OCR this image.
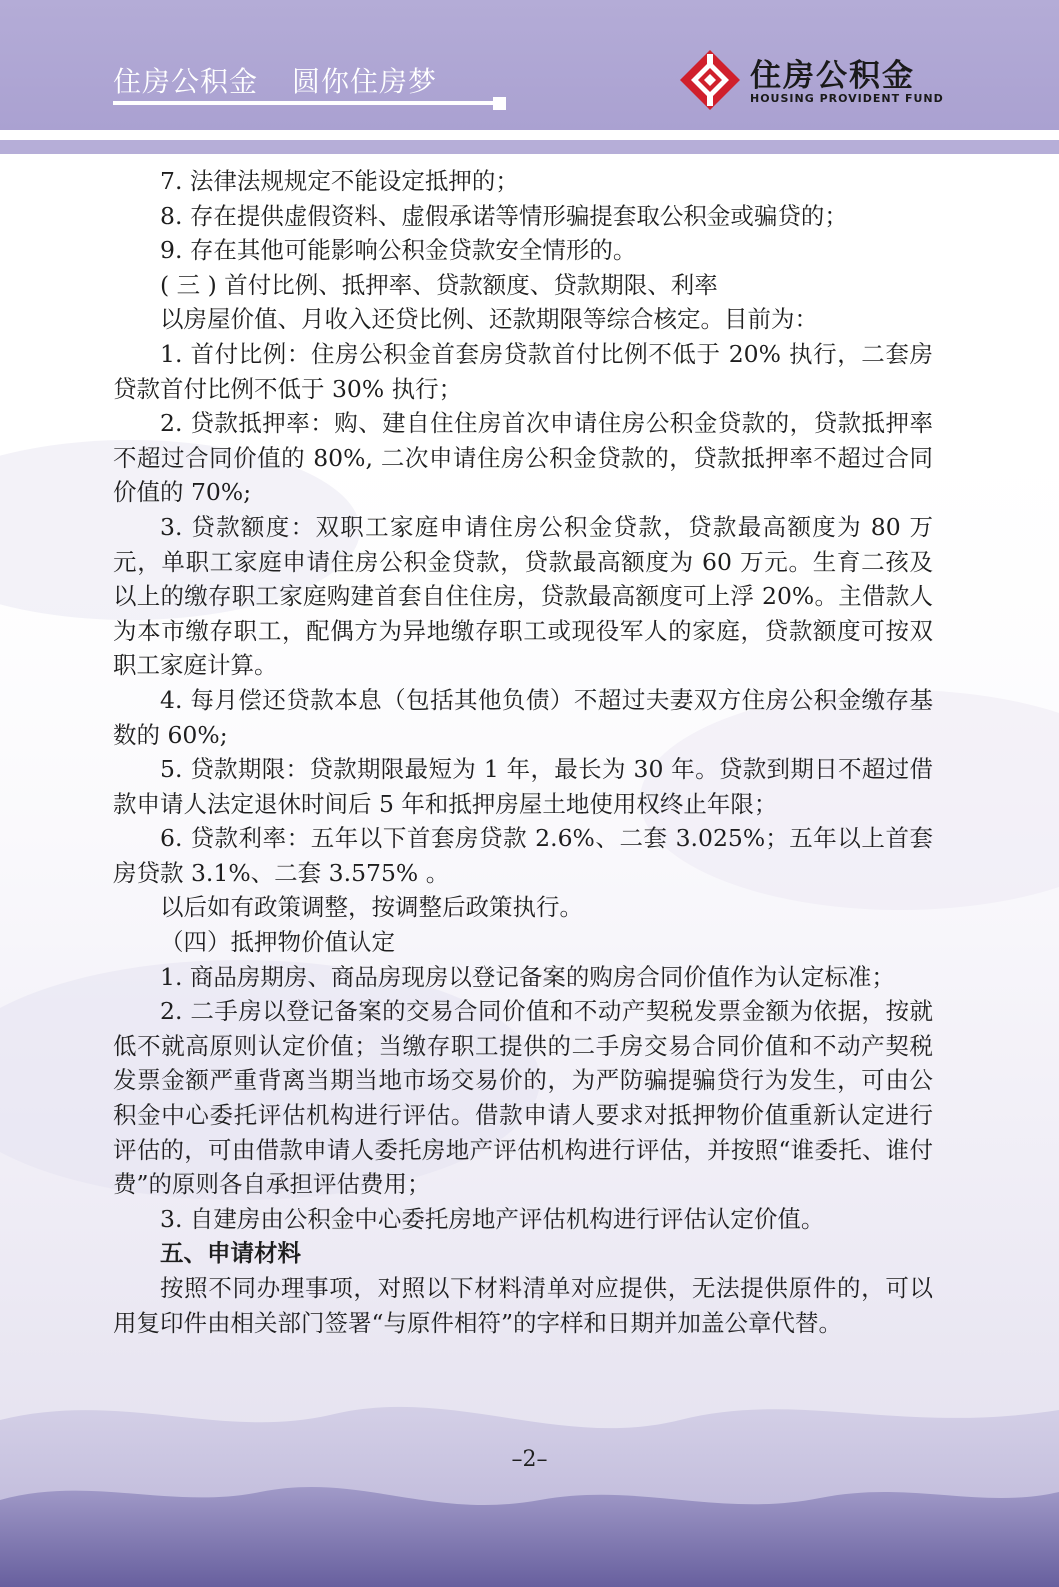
住房公积金 圆你住房梦	住房公积金
HOUSING PROVIDENT FUND

7. 法律法规规定不能设定抵押的；

8. 存在提供虚假资料、虚假承诺等情形骗提套取公积金或骗贷的；

9. 存在其他可能影响公积金贷款安全情形的。

( 三 ) 首付比例、抵押率、贷款额度、贷款期限、利率

以房屋价值、月收入还贷比例、还款期限等综合核定。目前为：

1. 首付比例：住房公积金首套房贷款首付比例不低于 20% 执行，二套房贷款首付比例不低于 30% 执行；

2. 贷款抵押率：购、建自住住房首次申请住房公积金贷款的，贷款抵押率不超过合同价值的 80%, 二次申请住房公积金贷款的，贷款抵押率不超过合同价值的 70%;

3. 贷款额度：双职工家庭申请住房公积金贷款，贷款最高额度为 80 万元，单职工家庭申请住房公积金贷款，贷款最高额度为 60 万元。生育二孩及以上的缴存职工家庭购建首套自住住房，贷款最高额度可上浮 20%。主借款人为本市缴存职工，配偶方为异地缴存职工或现役军人的家庭，贷款额度可按双职工家庭计算。

4. 每月偿还贷款本息（包括其他负债）不超过夫妻双方住房公积金缴存基数的 60%;

5. 贷款期限：贷款期限最短为 1 年，最长为 30 年。贷款到期日不超过借款申请人法定退休时间后 5 年和抵押房屋土地使用权终止年限；

6. 贷款利率：五年以下首套房贷款 2.6%、二套 3.025%；五年以上首套房贷款 3.1%、二套 3.575% 。

以后如有政策调整，按调整后政策执行。

（四）抵押物价值认定

1. 商品房期房、商品房现房以登记备案的购房合同价值作为认定标准；

2. 二手房以登记备案的交易合同价值和不动产契税发票金额为依据，按就低不就高原则认定价值；当缴存职工提供的二手房交易合同价值和不动产契税发票金额严重背离当期当地市场交易价的，为严防骗提骗贷行为发生，可由公积金中心委托评估机构进行评估。借款申请人要求对抵押物价值重新认定进行评估的，可由借款申请人委托房地产评估机构进行评估，并按照“谁委托、谁付费”的原则各自承担评估费用；

3. 自建房由公积金中心委托房地产评估机构进行评估认定价值。

五、申请材料

按照不同办理事项，对照以下材料清单对应提供，无法提供原件的，可以用复印件由相关部门签署“与原件相符”的字样和日期并加盖公章代替。

–2–
